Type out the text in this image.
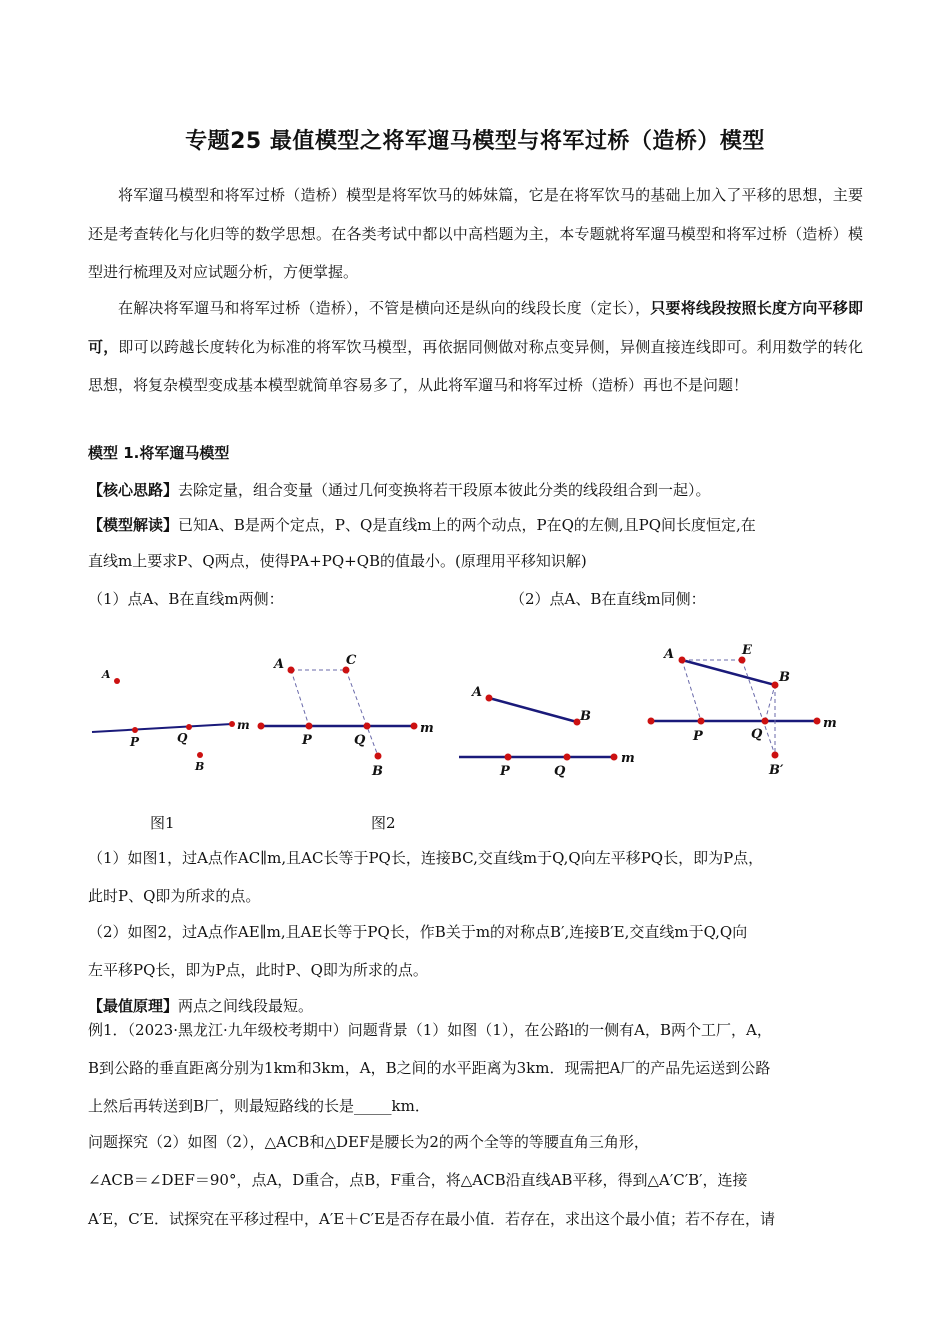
专题25 最值模型之将军遛马模型与将军过桥（造桥）模型
将军遛马模型和将军过桥（造桥）模型是将军饮马的姊妹篇，它是在将军饮马的基础上加入了平移的思想，主要还是考查转化与化归等的数学思想。在各类考试中都以中高档题为主，本专题就将军遛马模型和将军过桥（造桥）模型进行梳理及对应试题分析，方便掌握。
在解决将军遛马和将军过桥（造桥），不管是横向还是纵向的线段长度（定长），只要将线段按照长度方向平移即可，即可以跨越长度转化为标准的将军饮马模型，再依据同侧做对称点变异侧，异侧直接连线即可。利用数学的转化思想，将复杂模型变成基本模型就简单容易多了，从此将军遛马和将军过桥（造桥）再也不是问题！
模型 1.将军遛马模型
【核心思路】去除定量，组合变量（通过几何变换将若干段原本彼此分类的线段组合到一起）。
【模型解读】已知A、B是两个定点，P、Q是直线m上的两个动点，P在Q的左侧,且PQ间长度恒定,在
直线m上要求P、Q两点，使得PA+PQ+QB的值最小。(原理用平移知识解)
（1）点A、B在直线m两侧：	（2）点A、B在直线m同侧：
A
P	Q
m
B
A	C
P	Q
m
B
A
B
P	Q
m
A	E
B
P	Q
m
B′
图1	图2
（1）如图1，过A点作AC∥m,且AC长等于PQ长，连接BC,交直线m于Q,Q向左平移PQ长，即为P点，
此时P、Q即为所求的点。
（2）如图2，过A点作AE∥m,且AE长等于PQ长，作B关于m的对称点B′,连接B′E,交直线m于Q,Q向
左平移PQ长，即为P点，此时P、Q即为所求的点。
【最值原理】两点之间线段最短。
例1．（2023·黑龙江·九年级校考期中）问题背景（1）如图（1），在公路l的一侧有A，B两个工厂，A，
B到公路的垂直距离分别为1km和3km，A，B之间的水平距离为3km．现需把A厂的产品先运送到公路
上然后再转送到B厂，则最短路线的长是_____km．
问题探究（2）如图（2），△ACB和△DEF是腰长为2的两个全等的等腰直角三角形，
∠ACB＝∠DEF＝90°，点A，D重合，点B，F重合，将△ACB沿直线AB平移，得到△A′C′B′，连接
A′E，C′E．试探究在平移过程中，A′E＋C′E是否存在最小值．若存在，求出这个最小值；若不存在，请
